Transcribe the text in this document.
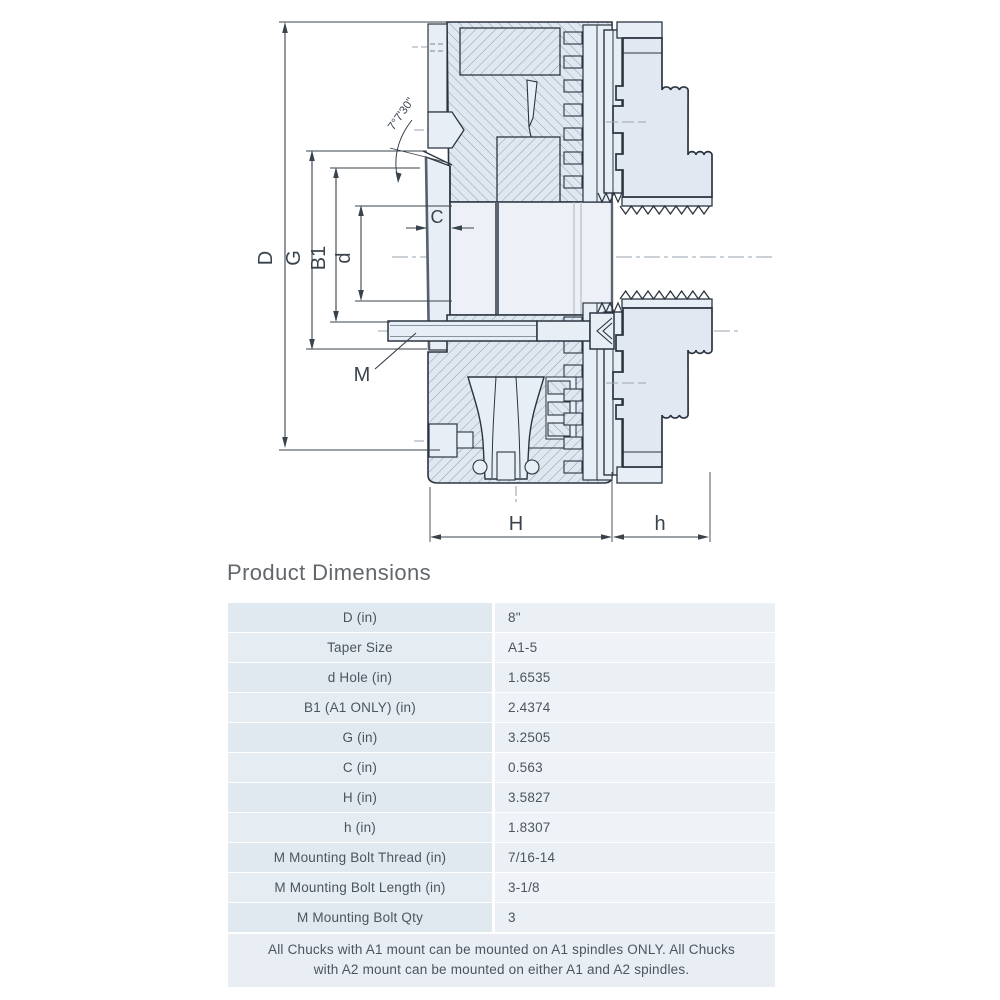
D G B1 d
C
M
H	h
7°7'30"
Product Dimensions
D (in)	8"
Taper Size	A1-5
d Hole (in)	1.6535
B1 (A1 ONLY) (in)	2.4374
G (in)	3.2505
C (in)	0.563
H (in)	3.5827
h (in)	1.8307
M Mounting Bolt Thread (in)	7/16-14
M Mounting Bolt Length (in)	3-1/8
M Mounting Bolt Qty	3
All Chucks with A1 mount can be mounted on A1 spindles ONLY. All Chucks with A2 mount can be mounted on either A1 and A2 spindles.
